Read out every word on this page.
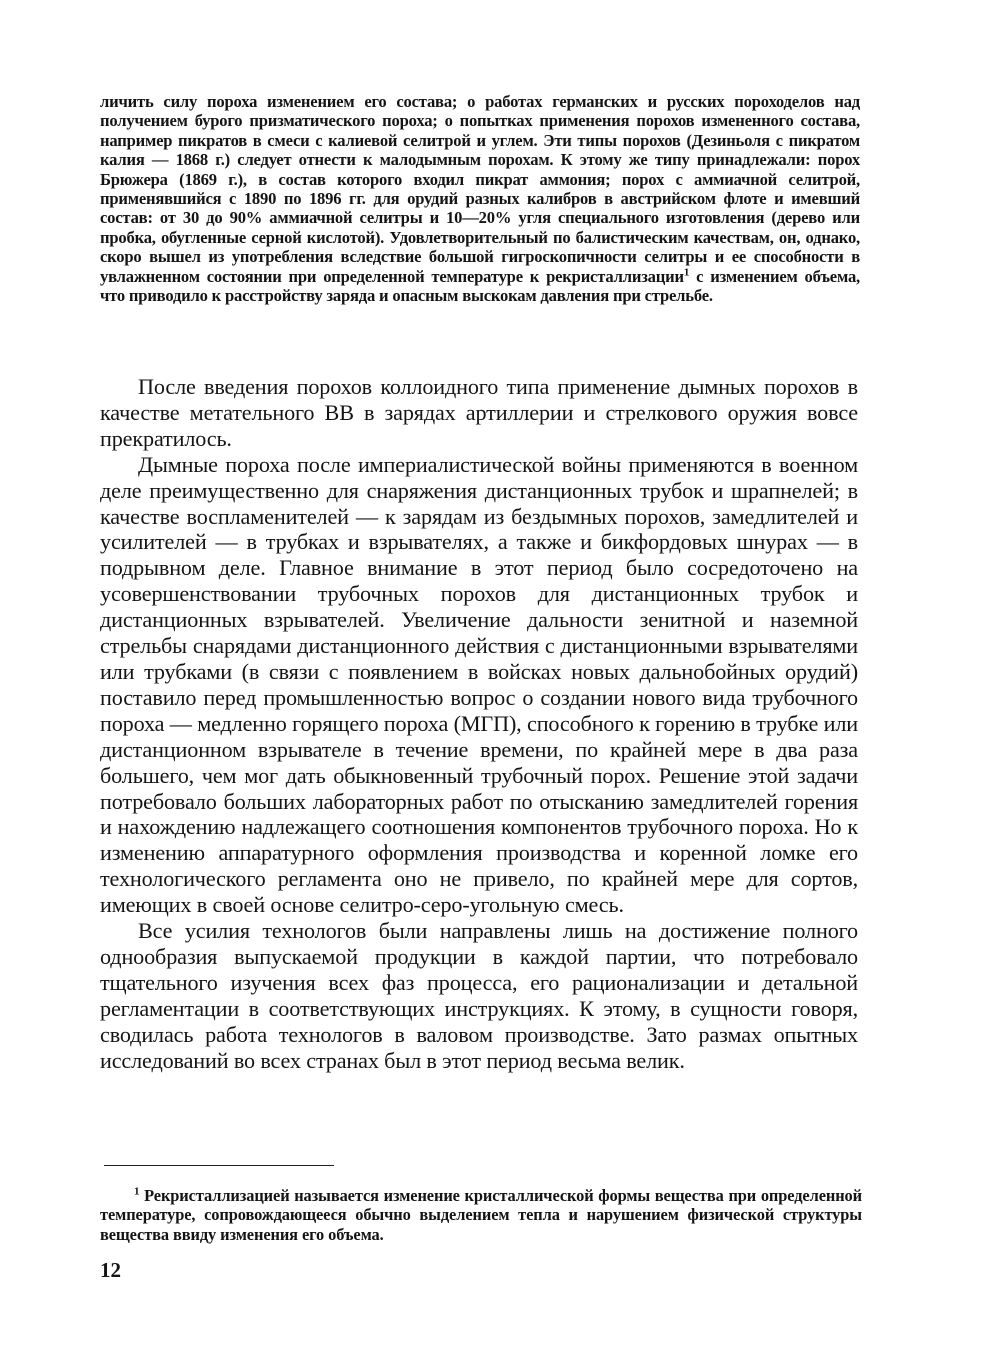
личить силу пороха изменением его состава; о работах германских и русских пороходелов над получением бурого призматического пороха; о попытках применения порохов измененного состава, например пикратов в смеси с калиевой селитрой и углем. Эти типы порохов (Дезиньоля с пикратом калия — 1868 г.) следует отнести к малодымным порохам. К этому же типу принадлежали: порох Брюжера (1869 г.), в состав которого входил пикрат аммония; порох с аммиачной селитрой, применявшийся с 1890 по 1896 гг. для орудий разных калибров в австрийском флоте и имевший состав: от 30 до 90% аммиачной селитры и 10—20% угля специального изготовления (дерево или пробка, обугленные серной кислотой). Удовлетворительный по балистическим качествам, он, однако, скоро вышел из употребления вследствие большой гигроскопичности селитры и ее способности в увлажненном состоянии при определенной температуре к рекристаллизации$^1$ с изменением объема, что приводило к расстройству заряда и опасным выскокам давления при стрельбе.

После введения порохов коллоидного типа применение дымных порохов в качестве метательного ВВ в зарядах артиллерии и стрелкового оружия вовсе прекратилось.

Дымные пороха после империалистической войны применяются в военном деле преимущественно для снаряжения дистанционных трубок и шрапнелей; в качестве воспламенителей — к зарядам из бездымных порохов, замедлителей и усилителей — в трубках и взрывателях, а также и бикфордовых шнурах — в подрывном деле. Главное внимание в этот период было сосредоточено на усовершенствовании трубочных порохов для дистанционных трубок и дистанционных взрывателей. Увеличение дальности зенитной и наземной стрельбы снарядами дистанционного действия с дистанционными взрывателями или трубками (в связи с появлением в войсках новых дальнобойных орудий) поставило перед промышленностью вопрос о создании нового вида трубочного пороха — медленно горящего пороха (МГП), способного к горению в трубке или дистанционном взрывателе в течение времени, по крайней мере в два раза большего, чем мог дать обыкновенный трубочный порох. Решение этой задачи потребовало больших лабораторных работ по отысканию замедлителей горения и нахождению надлежащего соотношения компонентов трубочного пороха. Но к изменению аппаратурного оформления производства и коренной ломке его технологического регламента оно не привело, по крайней мере для сортов, имеющих в своей основе селитро-серо-угольную смесь.

Все усилия технологов были направлены лишь на достижение полного однообразия выпускаемой продукции в каждой партии, что потребовало тщательного изучения всех фаз процесса, его рационализации и детальной регламентации в соответствующих инструкциях. К этому, в сущности говоря, сводилась работа технологов в валовом производстве. Зато размах опытных исследований во всех странах был в этот период весьма велик.

$^1$ Рекристаллизацией называется изменение кристаллической формы вещества при определенной температуре, сопровождающееся обычно выделением тепла и нарушением физической структуры вещества ввиду изменения его объема.
12
